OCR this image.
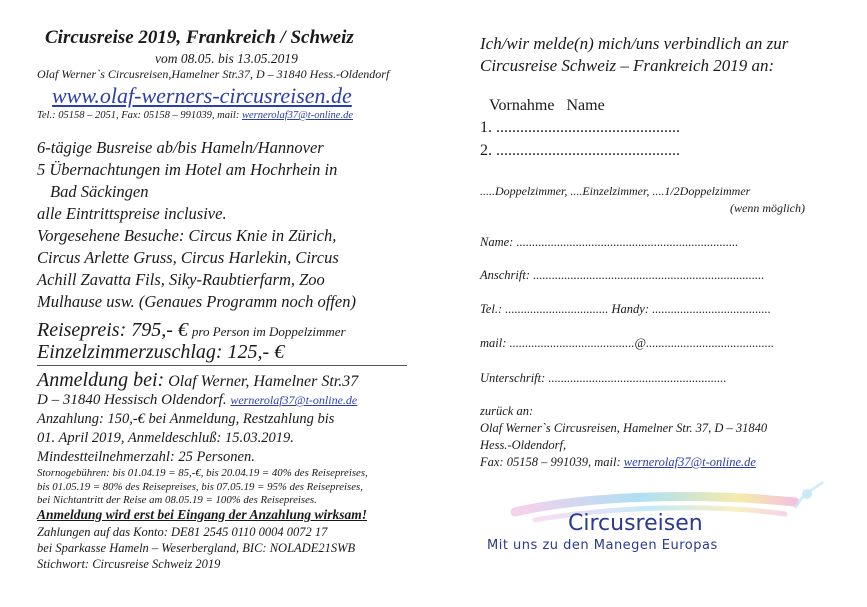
Circusreise 2019, Frankreich / Schweiz
vom 08.05. bis 13.05.2019
Olaf Werner`s Circusreisen,Hamelner Str.37, D – 31840 Hess.-Oldendorf
www.olaf-werners-circusreisen.de
Tel.: 05158 – 2051, Fax: 05158 – 991039, mail: wernerolaf37@t-online.de
6-tägige Busreise ab/bis Hameln/Hannover
5 Übernachtungen im Hotel am Hochrhein in
Bad Säckingen
alle Eintrittspreise inclusive.
Vorgesehene Besuche: Circus Knie in Zürich,
Circus Arlette Gruss, Circus Harlekin, Circus
Achill Zavatta Fils, Siky-Raubtierfarm, Zoo
Mulhause usw. (Genaues Programm noch offen)
Reisepreis: 795,- € pro Person im Doppelzimmer
Einzelzimmerzuschlag: 125,- €
Anmeldung bei: Olaf Werner, Hamelner Str.37
D – 31840 Hessisch Oldendorf. wernerolaf37@t-online.de
Anzahlung: 150,-€ bei Anmeldung, Restzahlung bis
01. April 2019, Anmeldeschluß: 15.03.2019.
Mindestteilnehmerzahl: 25 Personen.
Stornogebühren: bis 01.04.19 = 85,-€, bis 20.04.19 = 40% des Reisepreises,
bis 01.05.19 = 80% des Reisepreises, bis 07.05.19 = 95% des Reisepreises,
bei Nichtantritt der Reise am 08.05.19 = 100% des Reisepreises.
Anmeldung wird erst bei Eingang der Anzahlung wirksam!
Zahlungen auf das Konto: DE81 2545 0110 0004 0072 17
bei Sparkasse Hameln – Weserbergland, BIC: NOLADE21SWB
Stichwort: Circusreise Schweiz 2019
Ich/wir melde(n) mich/uns verbindlich an zur
Circusreise Schweiz – Frankreich 2019 an:
Vornahme   Name
1. ..............................................
2. ..............................................
.....Doppelzimmer, ....Einzelzimmer, ....1/2Doppelzimmer
(wenn möglich)
Name: .......................................................................
Anschrift: ..........................................................................
Tel.: ................................. Handy: ......................................
mail: ........................................@.........................................
Unterschrift: .........................................................
zurück an:
Olaf Werner`s Circusreisen, Hamelner Str. 37, D – 31840
Hess.-Oldendorf,
Fax: 05158 – 991039, mail: wernerolaf37@t-online.de
Circusreisen
Mit uns zu den Manegen Europas
